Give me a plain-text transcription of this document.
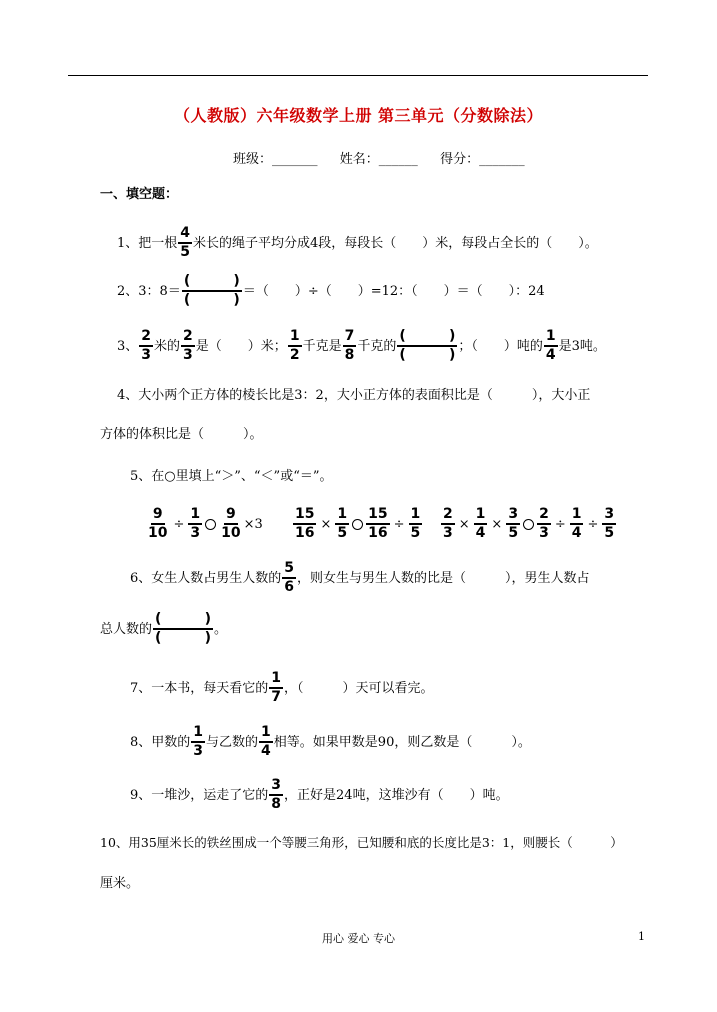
（人教版）六年级数学上册 第三单元（分数除法）
班级：_______ 姓名：______ 得分：_______
一、填空题：
1、把一根 $\frac{4}{5}$ 米长的绳子平均分成4段，每段长（　　）米，每段占全长的（　　）。
2、3：8＝ (	)
(	) ＝（　　）÷（　　）=12：（　　）＝（　　）：24
3、 $\frac{2}{3}$ 米的 $\frac{2}{3}$ 是（　　）米； $\frac{1}{2}$ 千克是 $\frac{7}{8}$ 千克的 (	)
(	) ；（　　）吨的 $\frac{1}{4}$ 是3吨。
4、大小两个正方体的棱长比是3：2，大小正方体的表面积比是（　　　），大小正
方体的体积比是（　　　）。
5、在○里填上“＞”、“＜”或“＝”。
$\frac{9}{10} \div \frac{1}{3} \frac{9}{10} \times 3 \frac{15}{16} \times \frac{1}{5} \frac{15}{16} \div \frac{1}{5} \frac{2}{3} \times \frac{1}{4} \times \frac{3}{5} \frac{2}{3} \div \frac{1}{4} \div \frac{3}{5}$
6、女生人数占男生人数的 $\frac{5}{6}$ ，则女生与男生人数的比是（　　　），男生人数占
总人数的 (	)
(	) 。
7、一本书，每天看它的 $\frac{1}{7}$ ，（　　　）天可以看完。
8、甲数的 $\frac{1}{3}$ 与乙数的 $\frac{1}{4}$ 相等。如果甲数是90，则乙数是（　　　）。
9、一堆沙，运走了它的 $\frac{3}{8}$ ，正好是24吨，这堆沙有（　　）吨。
10、用35厘米长的铁丝围成一个等腰三角形，已知腰和底的长度比是3：1，则腰长（　　　）
厘米。
用心 爱心 专心	1
